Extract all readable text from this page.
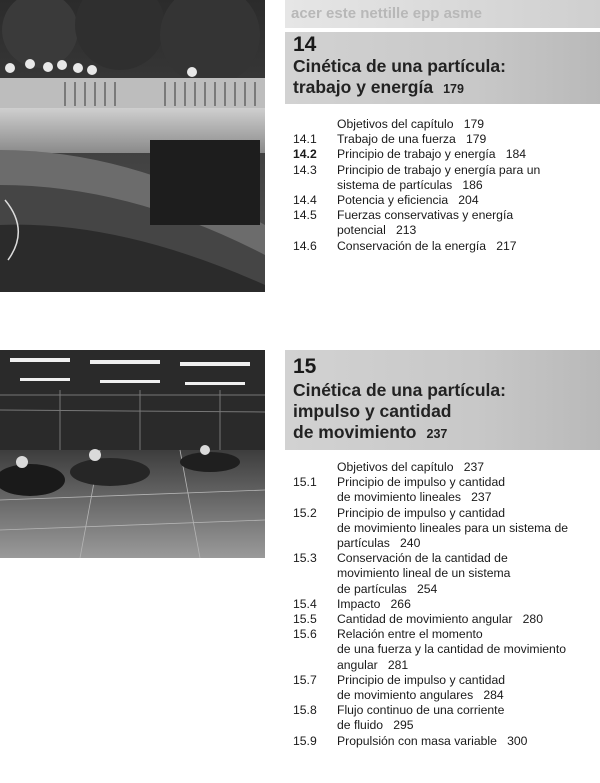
acer este nettille epp asme
14
Cinética de una partícula:
trabajo y energía 179
Objetivos del capítulo 179
14.1	Trabajo de una fuerza 179
14.2	Principio de trabajo y energía 184
14.3	Principio de trabajo y energía para un
sistema de partículas 186
14.4	Potencia y eficiencia 204
14.5	Fuerzas conservativas y energía
potencial 213
14.6	Conservación de la energía 217
15
Cinética de una partícula:
impulso y cantidad
de movimiento 237
Objetivos del capítulo 237
15.1	Principio de impulso y cantidad
de movimiento lineales 237
15.2	Principio de impulso y cantidad
de movimiento lineales para un sistema de
partículas 240
15.3	Conservación de la cantidad de
movimiento lineal de un sistema
de partículas 254
15.4	Impacto 266
15.5	Cantidad de movimiento angular 280
15.6	Relación entre el momento
de una fuerza y la cantidad de movimiento
angular 281
15.7	Principio de impulso y cantidad
de movimiento angulares 284
15.8	Flujo continuo de una corriente
de fluido 295
15.9	Propulsión con masa variable 300
